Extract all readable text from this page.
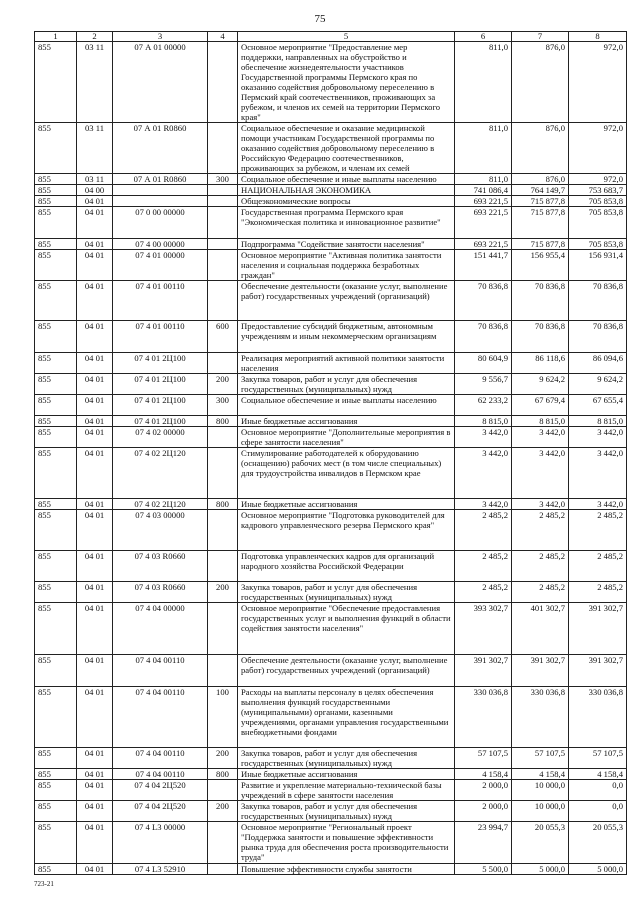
75
1	2	3	4	5	6	7	8
855	03 11	07 А 01 00000		Основное мероприятие "Предоставление мер поддержки, направленных на обустройство и обеспечение жизнедеятельности участников Государственной программы Пермского края по оказанию содействия добровольному переселению в Пермский край соотечественников, проживающих за рубежом, и членов их семей на территории Пермского края"	811,0	876,0	972,0
855	03 11	07 А 01 R0860		Социальное обеспечение и оказание медицинской помощи участникам Государственной программы по оказанию содействия добровольному переселению в Российскую Федерацию соотечественников, проживающих за рубежом, и членам их семей	811,0	876,0	972,0
855	03 11	07 А 01 R0860	300	Социальное обеспечение и иные выплаты населению	811,0	876,0	972,0
855	04 00			НАЦИОНАЛЬНАЯ ЭКОНОМИКА	741 086,4	764 149,7	753 683,7
855	04 01			Общеэкономические вопросы	693 221,5	715 877,8	705 853,8
855	04 01	07 0 00 00000		Государственная программа Пермского края "Экономическая политика и инновационное развитие"	693 221,5	715 877,8	705 853,8
855	04 01	07 4 00 00000		Подпрограмма "Содействие занятости населения"	693 221,5	715 877,8	705 853,8
855	04 01	07 4 01 00000		Основное мероприятие "Активная политика занятости населения и социальная поддержка безработных граждан"	151 441,7	156 955,4	156 931,4
855	04 01	07 4 01 00110		Обеспечение деятельности (оказание услуг, выполнение работ) государственных учреждений (организаций)	70 836,8	70 836,8	70 836,8
855	04 01	07 4 01 00110	600	Предоставление субсидий бюджетным, автономным учреждениям и иным некоммерческим организациям	70 836,8	70 836,8	70 836,8
855	04 01	07 4 01 2Ц100		Реализация мероприятий активной политики занятости населения	80 604,9	86 118,6	86 094,6
855	04 01	07 4 01 2Ц100	200	Закупка товаров, работ и услуг для обеспечения государственных (муниципальных) нужд	9 556,7	9 624,2	9 624,2
855	04 01	07 4 01 2Ц100	300	Социальное обеспечение и иные выплаты населению	62 233,2	67 679,4	67 655,4
855	04 01	07 4 01 2Ц100	800	Иные бюджетные ассигнования	8 815,0	8 815,0	8 815,0
855	04 01	07 4 02 00000		Основное мероприятие "Дополнительные мероприятия в сфере занятости населения"	3 442,0	3 442,0	3 442,0
855	04 01	07 4 02 2Ц120		Стимулирование работодателей к оборудованию (оснащению) рабочих мест (в том числе специальных) для трудоустройства инвалидов в Пермском крае	3 442,0	3 442,0	3 442,0
855	04 01	07 4 02 2Ц120	800	Иные бюджетные ассигнования	3 442,0	3 442,0	3 442,0
855	04 01	07 4 03 00000		Основное мероприятие "Подготовка руководителей для кадрового управленческого резерва Пермского края"	2 485,2	2 485,2	2 485,2
855	04 01	07 4 03 R0660		Подготовка управленческих кадров для организаций народного хозяйства Российской Федерации	2 485,2	2 485,2	2 485,2
855	04 01	07 4 03 R0660	200	Закупка товаров, работ и услуг для обеспечения государственных (муниципальных) нужд	2 485,2	2 485,2	2 485,2
855	04 01	07 4 04 00000		Основное мероприятие "Обеспечение предоставления государственных услуг и выполнения функций в области содействия занятости населения"	393 302,7	401 302,7	391 302,7
855	04 01	07 4 04 00110		Обеспечение деятельности (оказание услуг, выполнение работ) государственных учреждений (организаций)	391 302,7	391 302,7	391 302,7
855	04 01	07 4 04 00110	100	Расходы на выплаты персоналу в целях обеспечения выполнения функций государственными (муниципальными) органами, казенными учреждениями, органами управления государственными внебюджетными фондами	330 036,8	330 036,8	330 036,8
855	04 01	07 4 04 00110	200	Закупка товаров, работ и услуг для обеспечения государственных (муниципальных) нужд	57 107,5	57 107,5	57 107,5
855	04 01	07 4 04 00110	800	Иные бюджетные ассигнования	4 158,4	4 158,4	4 158,4
855	04 01	07 4 04 2Ц520		Развитие и укрепление материально-технической базы учреждений в сфере занятости населения	2 000,0	10 000,0	0,0
855	04 01	07 4 04 2Ц520	200	Закупка товаров, работ и услуг для обеспечения государственных (муниципальных) нужд	2 000,0	10 000,0	0,0
855	04 01	07 4 L3 00000		Основное мероприятие "Региональный проект "Поддержка занятости и повышение эффективности рынка труда для обеспечения роста производительности труда"	23 994,7	20 055,3	20 055,3
855	04 01	07 4 L3 52910		Повышение эффективности службы занятости	5 500,0	5 000,0	5 000,0
723-21
